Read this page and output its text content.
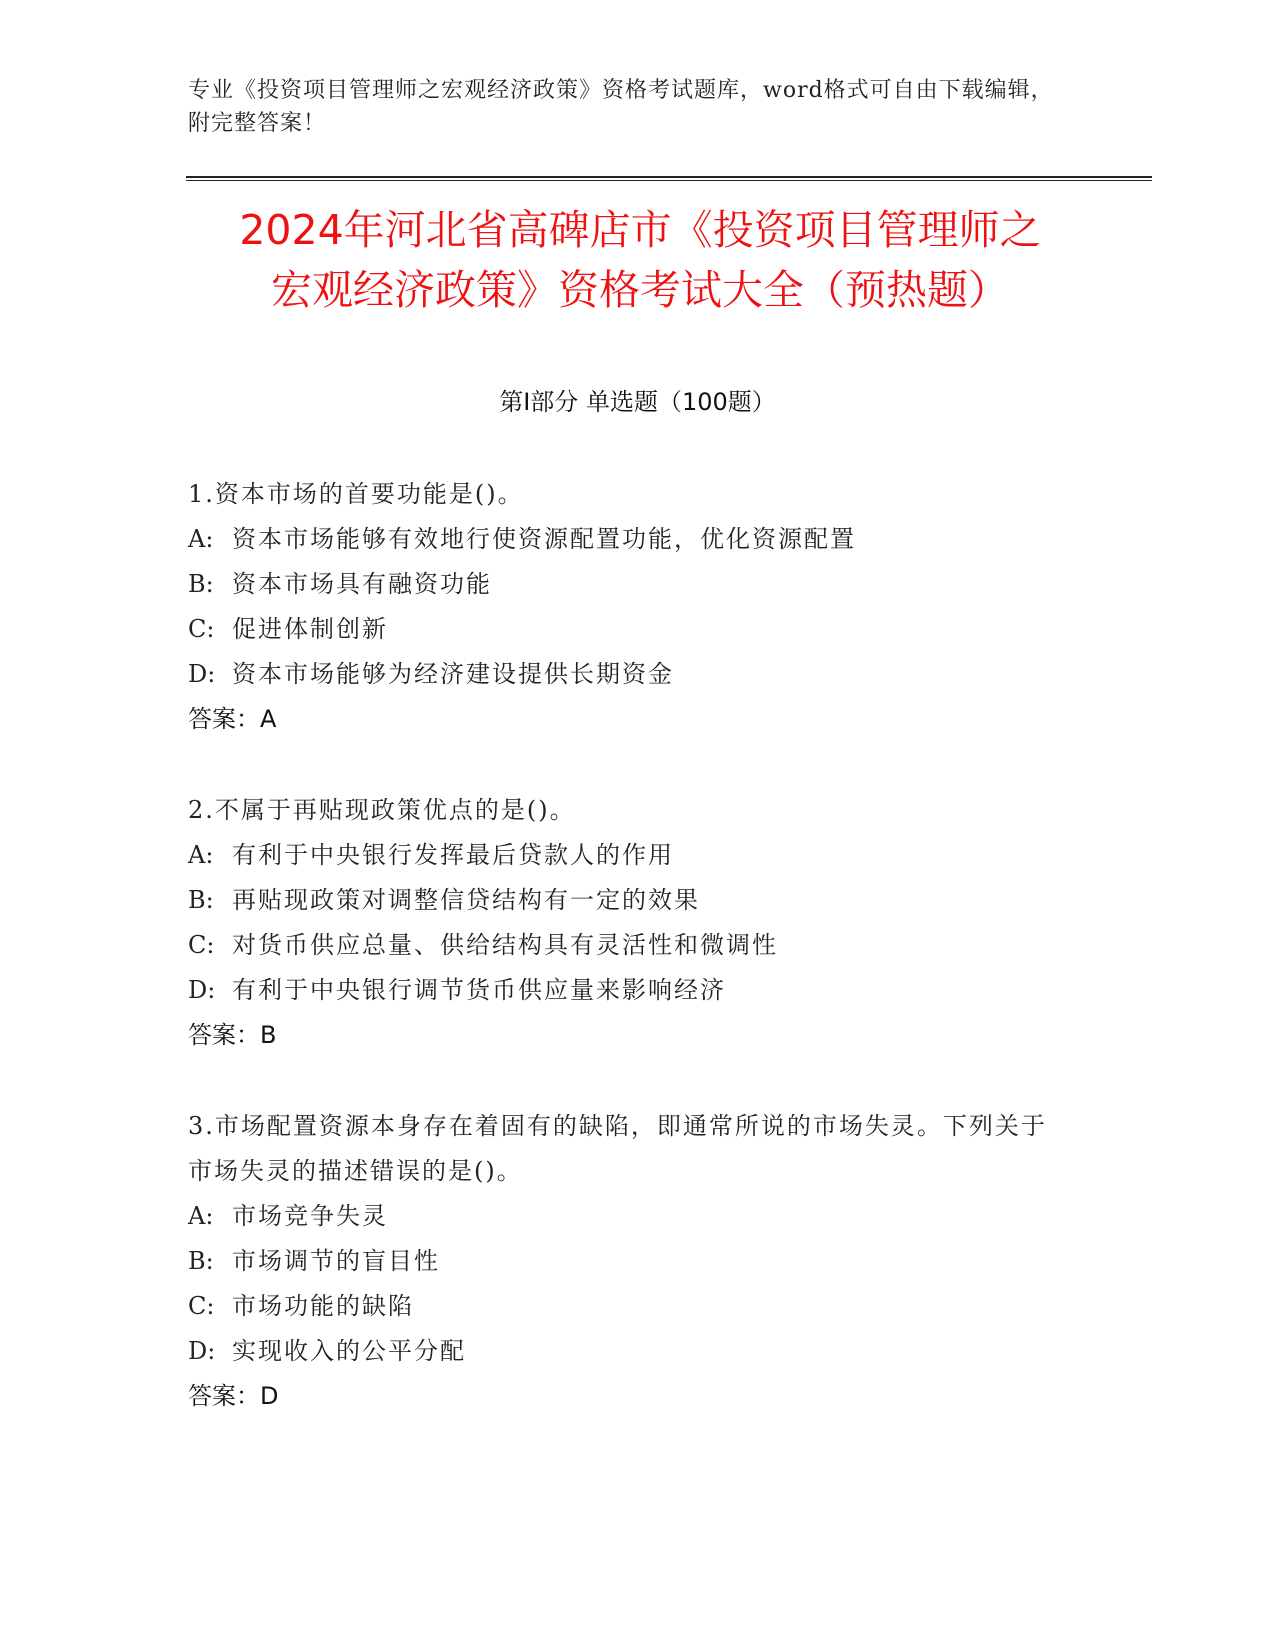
专业《投资项目管理师之宏观经济政策》资格考试题库，word格式可自由下载编辑，附完整答案！
2024年河北省高碑店市《投资项目管理师之
宏观经济政策》资格考试大全（预热题）
第I部分 单选题（100题）
1.资本市场的首要功能是()。
A: 资本市场能够有效地行使资源配置功能，优化资源配置
B: 资本市场具有融资功能
C: 促进体制创新
D: 资本市场能够为经济建设提供长期资金
答案：A
2.不属于再贴现政策优点的是()。
A: 有利于中央银行发挥最后贷款人的作用
B: 再贴现政策对调整信贷结构有一定的效果
C: 对货币供应总量、供给结构具有灵活性和微调性
D: 有利于中央银行调节货币供应量来影响经济
答案：B
3.市场配置资源本身存在着固有的缺陷，即通常所说的市场失灵。下列关于市场失灵的描述错误的是()。
A: 市场竞争失灵
B: 市场调节的盲目性
C: 市场功能的缺陷
D: 实现收入的公平分配
答案：D
